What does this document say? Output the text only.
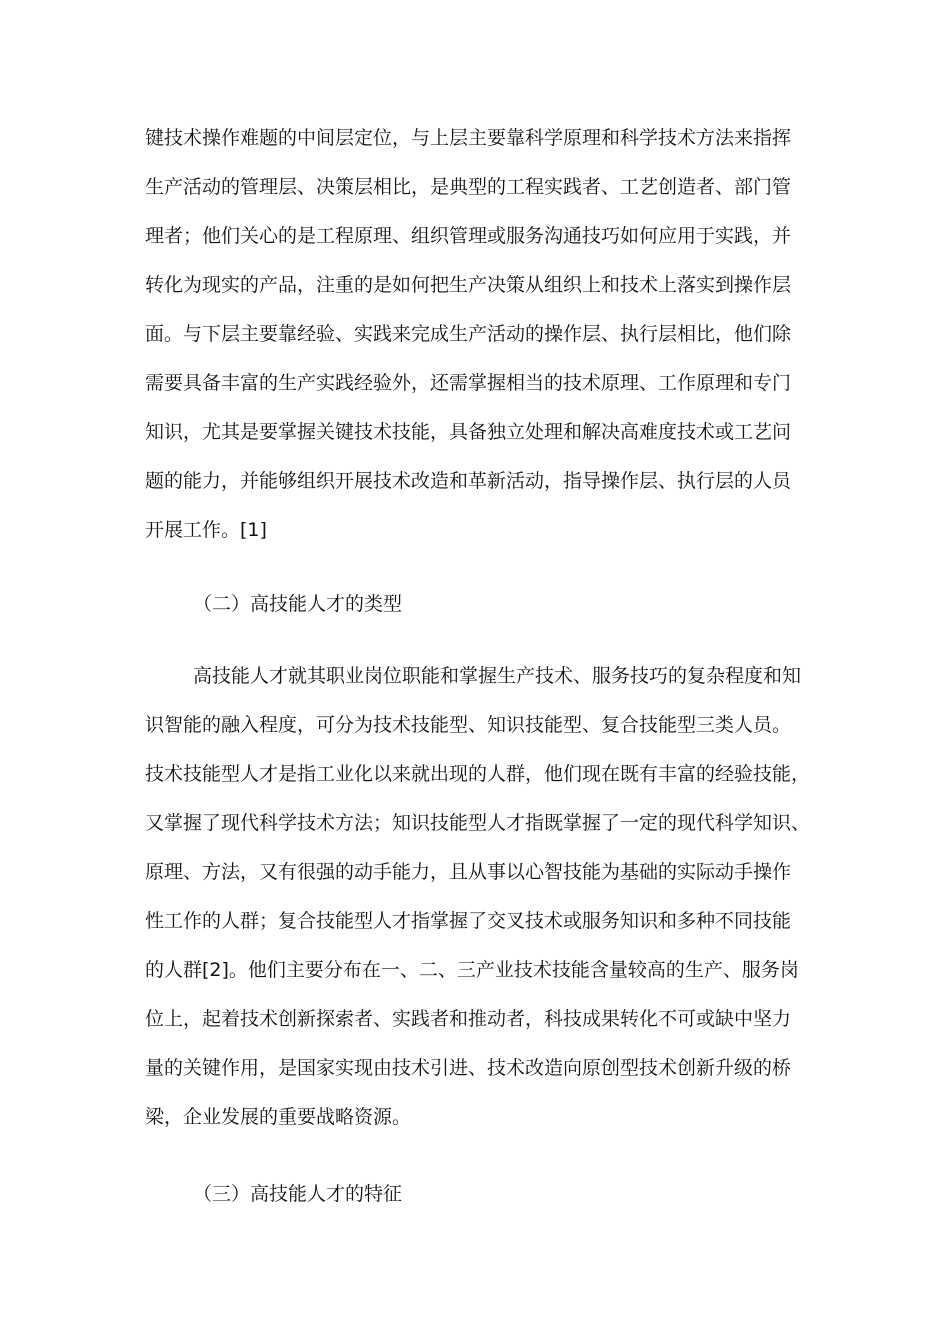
键技术操作难题的中间层定位，与上层主要靠科学原理和科学技术方法来指挥
生产活动的管理层、决策层相比，是典型的工程实践者、工艺创造者、部门管
理者；他们关心的是工程原理、组织管理或服务沟通技巧如何应用于实践，并
转化为现实的产品，注重的是如何把生产决策从组织上和技术上落实到操作层
面。与下层主要靠经验、实践来完成生产活动的操作层、执行层相比，他们除
需要具备丰富的生产实践经验外，还需掌握相当的技术原理、工作原理和专门
知识，尤其是要掌握关键技术技能，具备独立处理和解决高难度技术或工艺问
题的能力，并能够组织开展技术改造和革新活动，指导操作层、执行层的人员
开展工作。[1]
（二）高技能人才的类型
高技能人才就其职业岗位职能和掌握生产技术、服务技巧的复杂程度和知
识智能的融入程度，可分为技术技能型、知识技能型、复合技能型三类人员。
技术技能型人才是指工业化以来就出现的人群，他们现在既有丰富的经验技能，
又掌握了现代科学技术方法；知识技能型人才指既掌握了一定的现代科学知识、
原理、方法，又有很强的动手能力，且从事以心智技能为基础的实际动手操作
性工作的人群；复合技能型人才指掌握了交叉技术或服务知识和多种不同技能
的人群[2]。他们主要分布在一、二、三产业技术技能含量较高的生产、服务岗
位上，起着技术创新探索者、实践者和推动者，科技成果转化不可或缺中坚力
量的关键作用，是国家实现由技术引进、技术改造向原创型技术创新升级的桥
梁，企业发展的重要战略资源。
（三）高技能人才的特征
